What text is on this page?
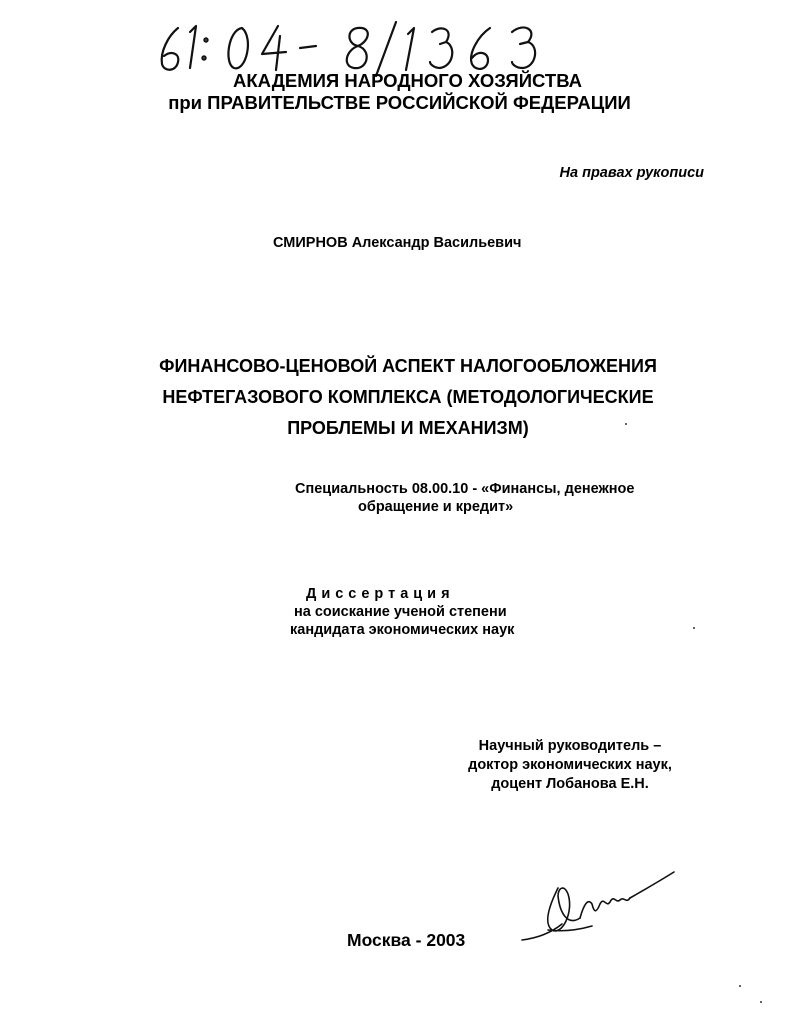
АКАДЕМИЯ НАРОДНОГО ХОЗЯЙСТВА
при ПРАВИТЕЛЬСТВЕ РОССИЙСКОЙ ФЕДЕРАЦИИ
На правах рукописи
СМИРНОВ Александр Васильевич
ФИНАНСОВО-ЦЕНОВОЙ АСПЕКТ НАЛОГООБЛОЖЕНИЯ
НЕФТЕГАЗОВОГО КОМПЛЕКСА (МЕТОДОЛОГИЧЕСКИЕ
ПРОБЛЕМЫ И МЕХАНИЗМ)
Специальность 08.00.10 - «Финансы, денежное
обращение и кредит»
Диссертация
на соискание ученой степени
кандидата экономических наук
Научный руководитель –
доктор экономических наук,
доцент Лобанова Е.Н.
Москва - 2003
